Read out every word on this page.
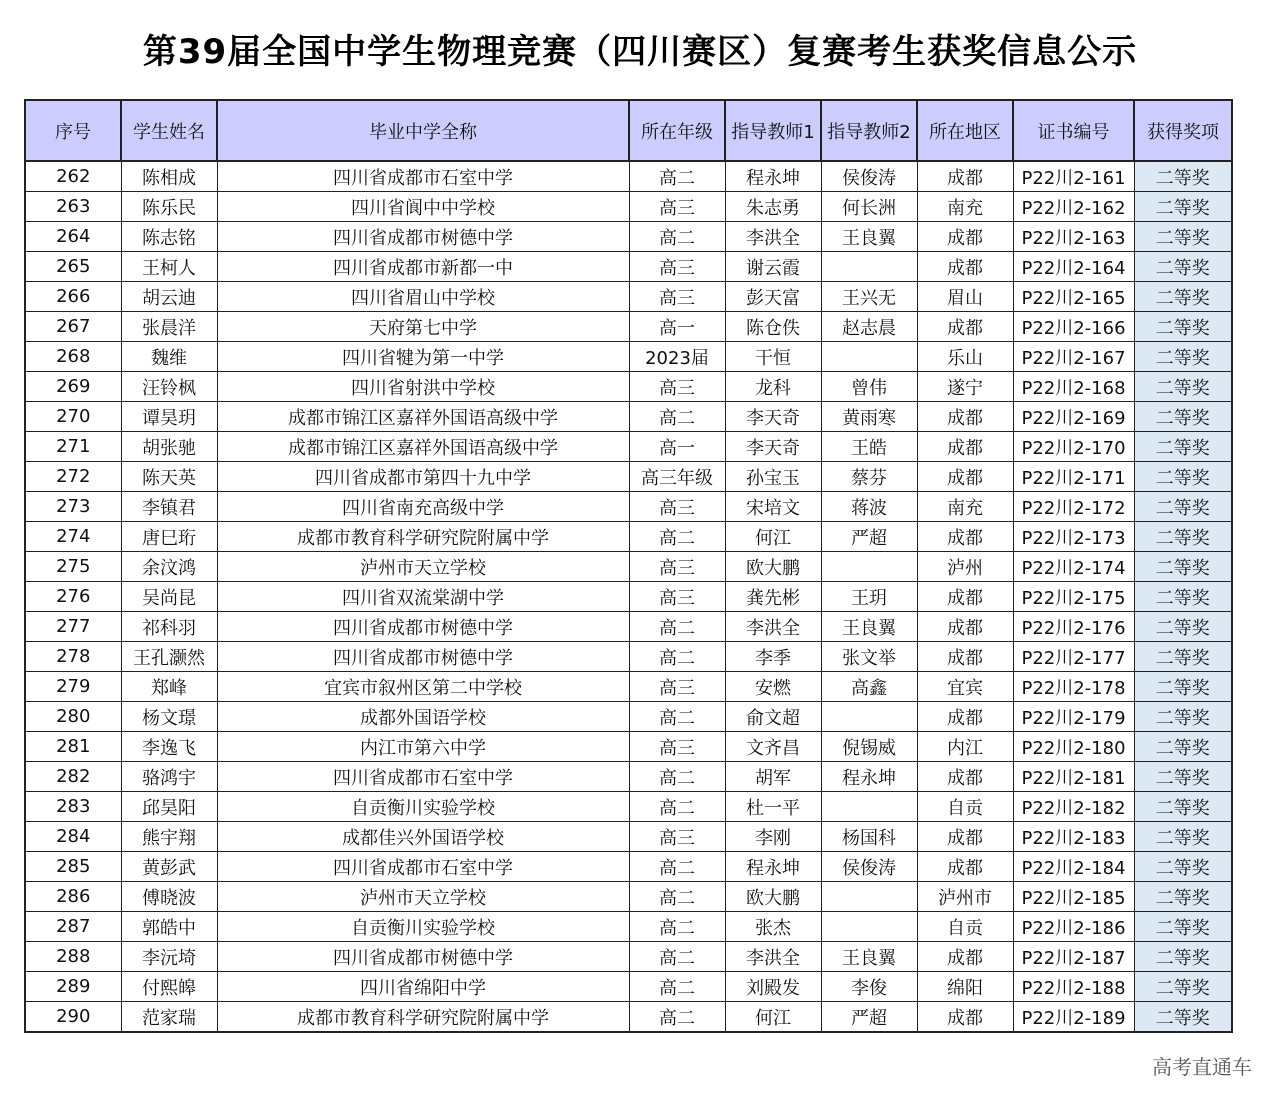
第39届全国中学生物理竞赛（四川赛区）复赛考生获奖信息公示
序号	学生姓名	毕业中学全称	所在年级	指导教师1	指导教师2	所在地区	证书编号	获得奖项
262	陈相成	四川省成都市石室中学	高二	程永坤	侯俊涛	成都	P22川2-161	二等奖
263	陈乐民	四川省阆中中学校	高三	朱志勇	何长洲	南充	P22川2-162	二等奖
264	陈志铭	四川省成都市树德中学	高二	李洪全	王良翼	成都	P22川2-163	二等奖
265	王柯人	四川省成都市新都一中	高三	谢云霞		成都	P22川2-164	二等奖
266	胡云迪	四川省眉山中学校	高三	彭天富	王兴无	眉山	P22川2-165	二等奖
267	张晨洋	天府第七中学	高一	陈仓佚	赵志晨	成都	P22川2-166	二等奖
268	魏维	四川省犍为第一中学	2023届	干恒		乐山	P22川2-167	二等奖
269	汪铃枫	四川省射洪中学校	高三	龙科	曾伟	遂宁	P22川2-168	二等奖
270	谭昊玥	成都市锦江区嘉祥外国语高级中学	高二	李天奇	黄雨寒	成都	P22川2-169	二等奖
271	胡张驰	成都市锦江区嘉祥外国语高级中学	高一	李天奇	王皓	成都	P22川2-170	二等奖
272	陈天英	四川省成都市第四十九中学	高三年级	孙宝玉	蔡芬	成都	P22川2-171	二等奖
273	李镇君	四川省南充高级中学	高三	宋培文	蒋波	南充	P22川2-172	二等奖
274	唐巳珩	成都市教育科学研究院附属中学	高二	何江	严超	成都	P22川2-173	二等奖
275	余汶鸿	泸州市天立学校	高三	欧大鹏		泸州	P22川2-174	二等奖
276	吴尚昆	四川省双流棠湖中学	高三	龚先彬	王玥	成都	P22川2-175	二等奖
277	祁科羽	四川省成都市树德中学	高二	李洪全	王良翼	成都	P22川2-176	二等奖
278	王孔灏然	四川省成都市树德中学	高二	李季	张文举	成都	P22川2-177	二等奖
279	郑峰	宜宾市叙州区第二中学校	高三	安燃	高鑫	宜宾	P22川2-178	二等奖
280	杨文璟	成都外国语学校	高二	俞文超		成都	P22川2-179	二等奖
281	李逸飞	内江市第六中学	高三	文齐昌	倪锡威	内江	P22川2-180	二等奖
282	骆鸿宇	四川省成都市石室中学	高二	胡军	程永坤	成都	P22川2-181	二等奖
283	邱昊阳	自贡衡川实验学校	高二	杜一平		自贡	P22川2-182	二等奖
284	熊宇翔	成都佳兴外国语学校	高三	李刚	杨国科	成都	P22川2-183	二等奖
285	黄彭武	四川省成都市石室中学	高二	程永坤	侯俊涛	成都	P22川2-184	二等奖
286	傅晓波	泸州市天立学校	高二	欧大鹏		泸州市	P22川2-185	二等奖
287	郭皓中	自贡衡川实验学校	高二	张杰		自贡	P22川2-186	二等奖
288	李沅埼	四川省成都市树德中学	高二	李洪全	王良翼	成都	P22川2-187	二等奖
289	付熙皞	四川省绵阳中学	高二	刘殿发	李俊	绵阳	P22川2-188	二等奖
290	范家瑞	成都市教育科学研究院附属中学	高二	何江	严超	成都	P22川2-189	二等奖
高考直通车
